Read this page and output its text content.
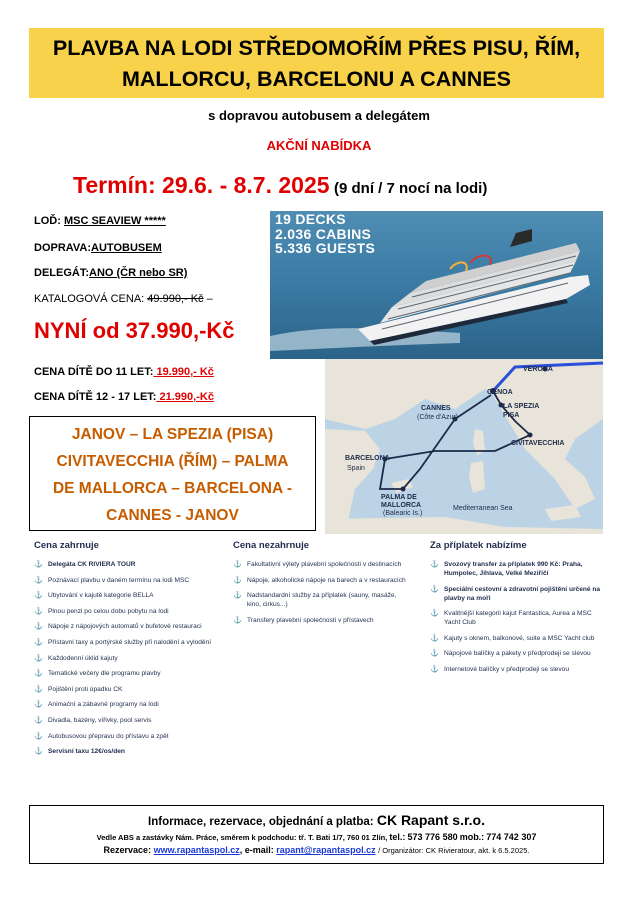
PLAVBA NA LODI STŘEDOMOŘÍM PŘES PISU, ŘÍM,
MALLORCU, BARCELONU A CANNES
s dopravou autobusem a delegátem
AKČNÍ NABÍDKA
Termín: 29.6. - 8.7. 2025 (9 dní / 7 nocí na lodi)
LOĎ: MSC SEAVIEW *****
DOPRAVA:AUTOBUSEM
DELEGÁT:ANO (ČR nebo SR)
KATALOGOVÁ CENA: 49.990,- Kč –
NYNÍ od 37.990,-Kč
CENA DÍTĚ DO 11 LET: 19.990,- Kč
CENA DÍTĚ 12 - 17 LET: 21.990,-Kč
JANOV – LA SPEZIA (PISA)
CIVITAVECCHIA (ŘÍM) – PALMA
DE MALLORCA – BARCELONA -
CANNES - JANOV
19 DECKS
2.036 CABINS
5.336 GUESTS
VERONA
GENOA
LA SPEZIA
PISA
CANNES
(Côte d'Azur)
CIVITAVECCHIA
BARCELONA
Spain
PALMA DE
MALLORCA
(Balearic Is.)
Mediterranean Sea
Cena zahrnuje
⚓ Delegáta CK RIVIERA TOUR
⚓ Poznávací plavbu v daném termínu na lodi MSC
⚓ Ubytování v kajutě kategorie BELLA
⚓ Plnou penzi po celou dobu pobytu na lodi
⚓ Nápoje z nápojových automatů v bufetové restauraci
⚓ Přístavní taxy a portýrské služby při nalodění a vylodění
⚓ Každodenní úklid kajuty
⚓ Tematické večery dle programu plavby
⚓ Pojištění proti úpadku CK
⚓ Animační a zábavné programy na lodi
⚓ Divadla, bazény, vířivky, pool servis
⚓ Autobusovou přepravu do přístavu a zpět
⚓ Servisní taxu 12€/os/den
Cena nezahrnuje
⚓ Fakultativní výlety plavební společnosti v destinacích
⚓ Nápoje, alkoholické nápoje na barech a v restauracích
⚓ Nadstandardní služby za příplatek (sauny, masáže, kino, cirkus...)
⚓ Transfery plavební společnosti v přístavech
Za příplatek nabízíme
⚓ Svozový transfer za příplatek 990 Kč: Praha, Humpolec, Jihlava, Velké Meziříčí
⚓ Speciální cestovní a zdravotní pojištění určené na plavby na moři
⚓ Kvalitnější kategorii kajut Fantastica, Aurea a MSC Yacht Club
⚓ Kajuty s oknem, balkonové, suite a MSC Yacht club
⚓ Nápojové balíčky a pakety v předprodeji se slevou
⚓ Internetové balíčky v předprodeji se slevou
Informace, rezervace, objednání a platba: CK Rapant s.r.o.
Vedle ABS a zastávky Nám. Práce, směrem k podchodu: tř. T. Bati 1/7, 760 01 Zlín, tel.: 573 776 580 mob.: 774 742 307
Rezervace: www.rapantaspol.cz, e-mail: rapant@rapantaspol.cz / Organizátor: CK Rivieratour, akt. k 6.5.2025.
